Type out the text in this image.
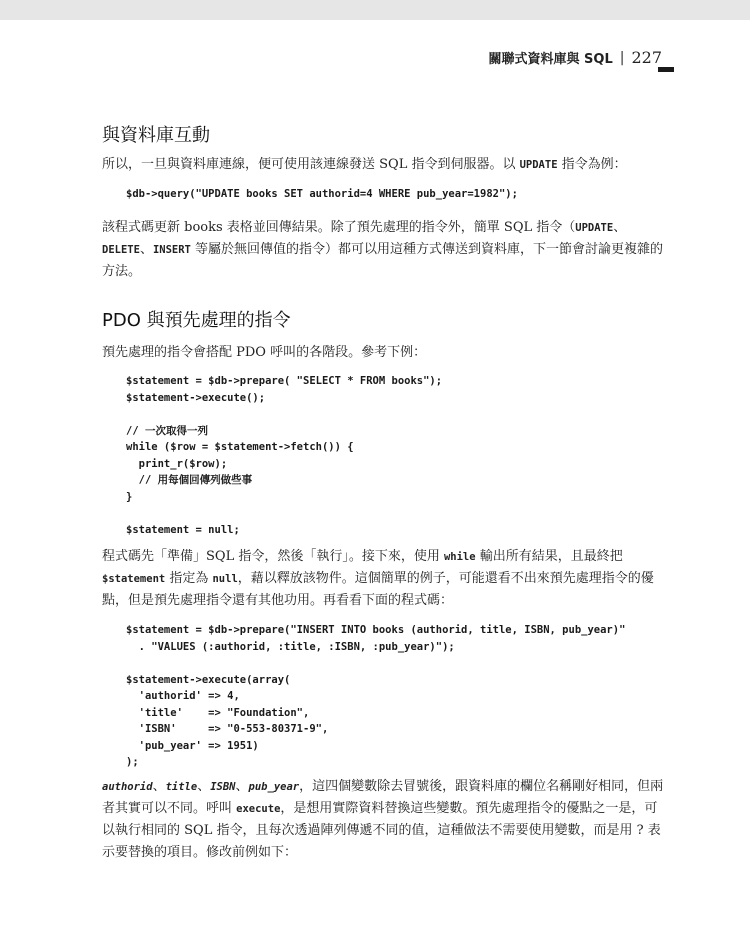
關聯式資料庫與 SQL | 227
與資料庫互動

所以，一旦與資料庫連線，便可使用該連線發送 SQL 指令到伺服器。以 UPDATE 指令為例：

$db->query("UPDATE books SET authorid=4 WHERE pub_year=1982");

該程式碼更新 books 表格並回傳結果。除了預先處理的指令外，簡單 SQL 指令（UPDATE、DELETE、INSERT 等屬於無回傳值的指令）都可以用這種方式傳送到資料庫，下一節會討論更複雜的方法。

PDO 與預先處理的指令

預先處理的指令會搭配 PDO 呼叫的各階段。參考下例：

$statement = $db->prepare( "SELECT * FROM books");
$statement->execute();

// 一次取得一列
while ($row = $statement->fetch()) {
print_r($row);
// 用每個回傳列做些事
}

$statement = null;

程式碼先「準備」SQL 指令，然後「執行」。接下來，使用 while 輸出所有結果，且最終把 $statement 指定為 null，藉以釋放該物件。這個簡單的例子，可能還看不出來預先處理指令的優點，但是預先處理指令還有其他功用。再看看下面的程式碼：

$statement = $db->prepare("INSERT INTO books (authorid, title, ISBN, pub_year)"
. "VALUES (:authorid, :title, :ISBN, :pub_year)");

$statement->execute(array(
'authorid' => 4,
'title'    => "Foundation",
'ISBN'     => "0-553-80371-9",
'pub_year' => 1951)
);

authorid、title、ISBN、pub_year，這四個變數除去冒號後，跟資料庫的欄位名稱剛好相同，但兩者其實可以不同。呼叫 execute，是想用實際資料替換這些變數。預先處理指令的優點之一是，可以執行相同的 SQL 指令，且每次透過陣列傳遞不同的值，這種做法不需要使用變數，而是用 ? 表示要替換的項目。修改前例如下：
